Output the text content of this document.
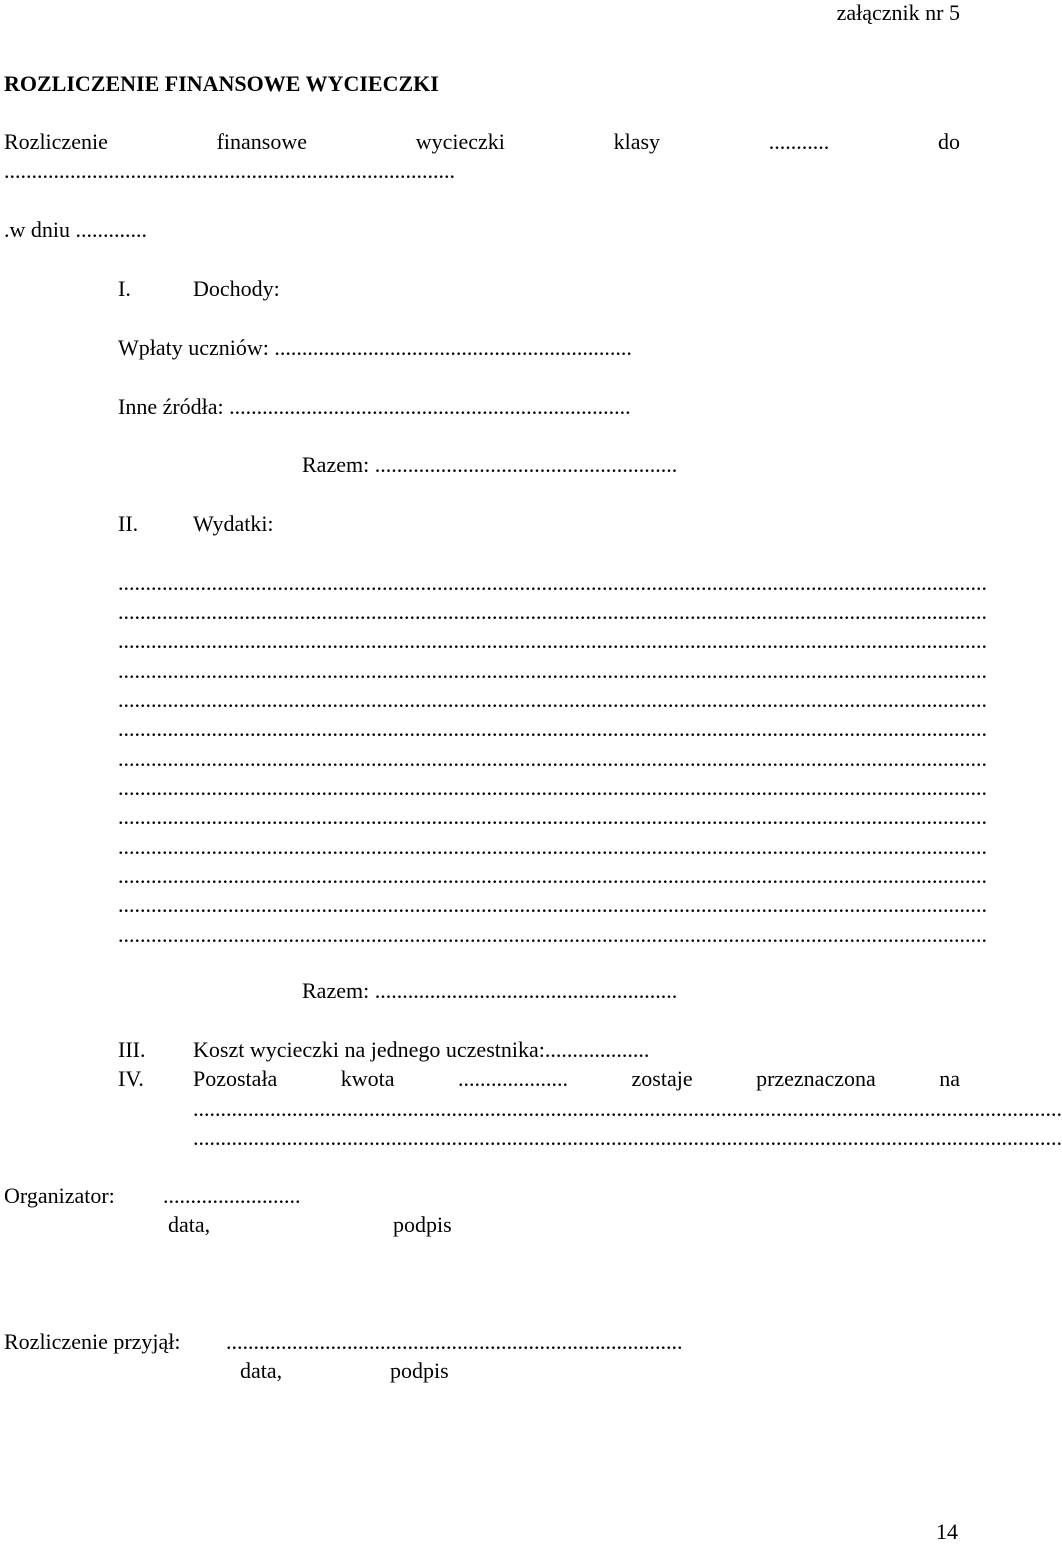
załącznik nr 5
ROZLICZENIE FINANSOWE WYCIECZKI
Rozliczenie	finansowe	wycieczki	klasy	...........	do
..................................................................................
.w dniu .............
I.	Dochody:
Wpłaty uczniów: .................................................................
Inne źródła: .........................................................................
Razem: .......................................................
II. Wydatki:
..............................................................................................................................................................
..............................................................................................................................................................
..............................................................................................................................................................
..............................................................................................................................................................
..............................................................................................................................................................
..............................................................................................................................................................
..............................................................................................................................................................
..............................................................................................................................................................
..............................................................................................................................................................
..............................................................................................................................................................
..............................................................................................................................................................
..............................................................................................................................................................
..............................................................................................................................................................
Razem: .......................................................
III. Koszt wycieczki na jednego uczestnika:...................
IV. Pozostała	kwota	....................	zostaje	przeznaczona	na
..............................................................................................................................................................
..............................................................................................................................................................
Organizator: .........................
data,	podpis
Rozliczenie przyjął: ...................................................................................
data,	podpis
14
